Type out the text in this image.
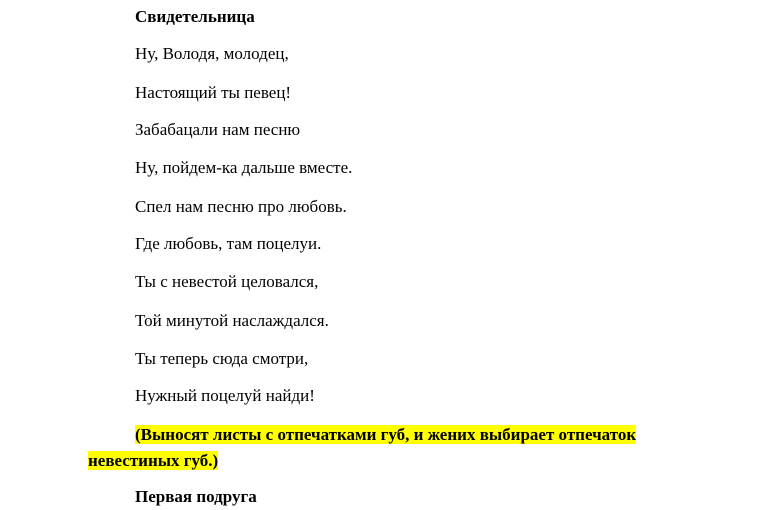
Свидетельница
Ну, Володя, молодец,
Настоящий ты певец!
Забабацали нам песню
Ну, пойдем-ка дальше вместе.
Спел нам песню про любовь.
Где любовь, там поцелуи.
Ты с невестой целовался,
Той минутой наслаждался.
Ты теперь сюда смотри,
Нужный поцелуй найди!
(Выносят листы с отпечатками губ, и жених выбирает отпечаток
невестиных губ.)
Первая подруга
